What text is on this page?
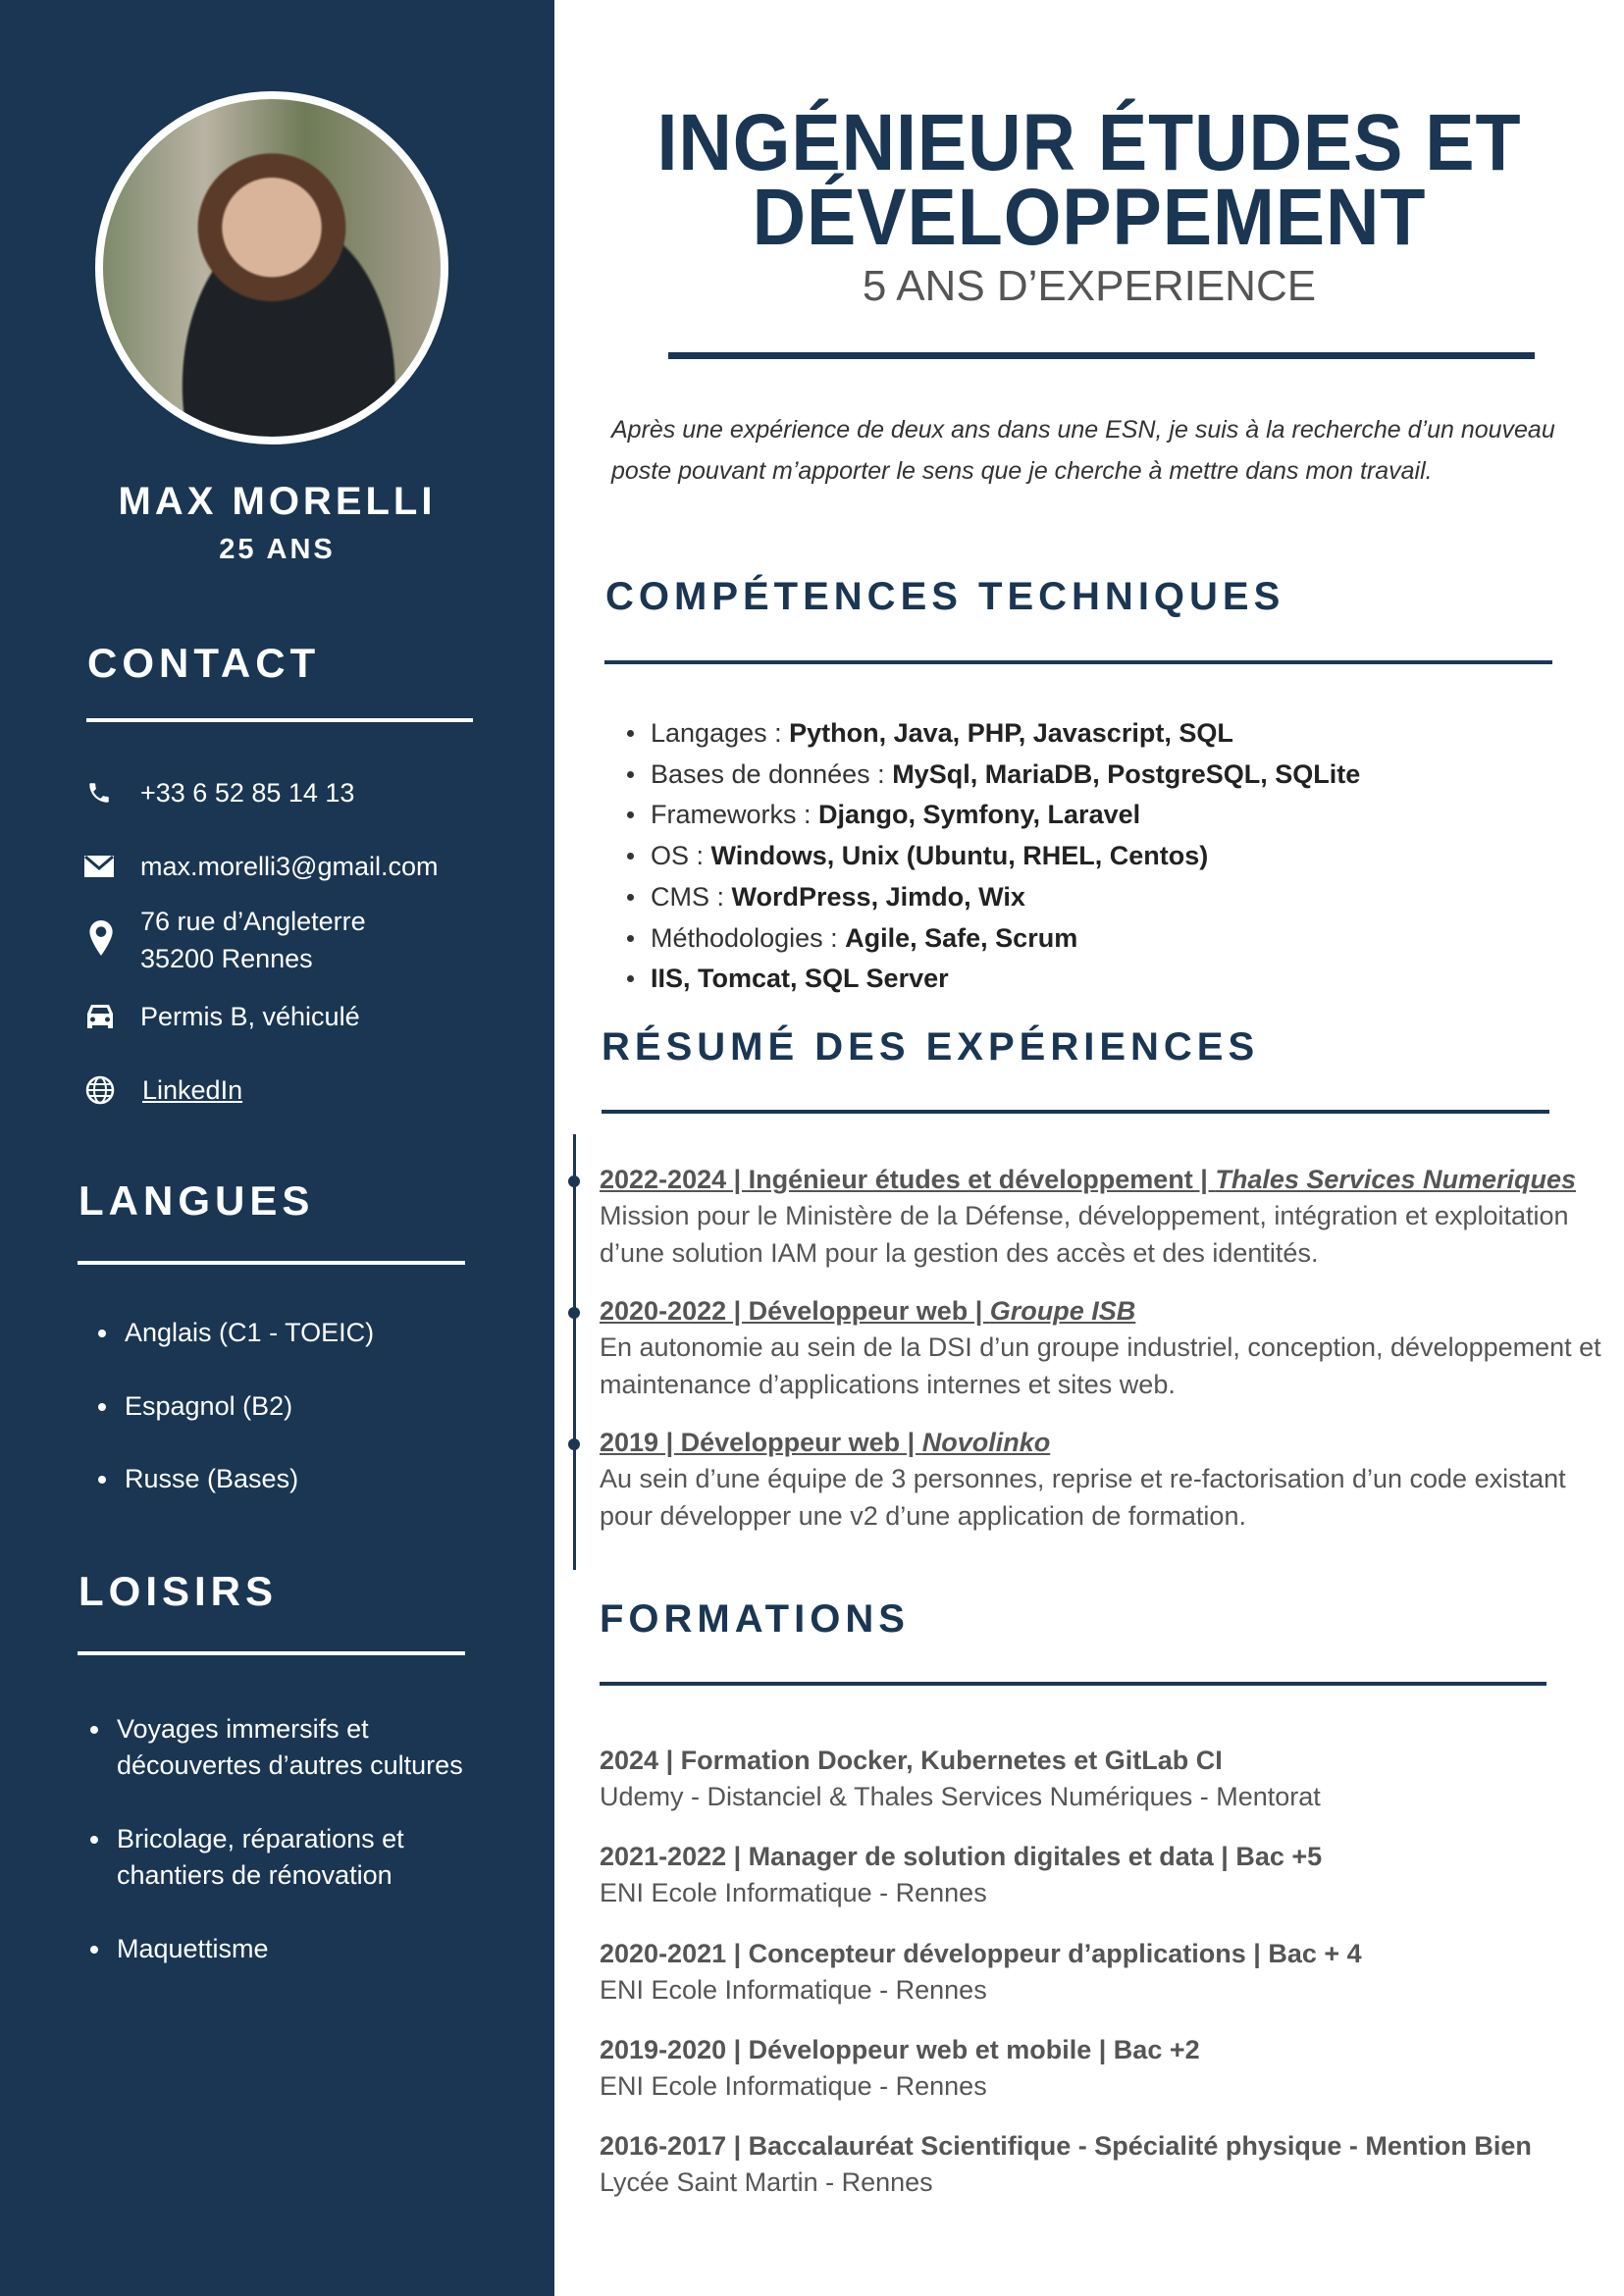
MAX MORELLI
25 ANS
CONTACT
+33 6 52 85 14 13
max.morelli3@gmail.com
76 rue d’Angleterre
35200 Rennes
Permis B, véhiculé
LinkedIn
LANGUES
Anglais (C1 - TOEIC)
Espagnol (B2)
Russe (Bases)
LOISIRS
Voyages immersifs et
découvertes d’autres cultures
Bricolage, réparations et
chantiers de rénovation
Maquettisme
INGÉNIEUR ÉTUDES ET
DÉVELOPPEMENT
5 ANS D’EXPERIENCE
Après une expérience de deux ans dans une ESN, je suis à la recherche d’un nouveau
poste pouvant m’apporter le sens que je cherche à mettre dans mon travail.
COMPÉTENCES TECHNIQUES
Langages : Python, Java, PHP, Javascript, SQL
Bases de données : MySql, MariaDB, PostgreSQL, SQLite
Frameworks : Django, Symfony, Laravel
OS : Windows, Unix (Ubuntu, RHEL, Centos)
CMS : WordPress, Jimdo, Wix
Méthodologies : Agile, Safe, Scrum
IIS, Tomcat, SQL Server
RÉSUMÉ DES EXPÉRIENCES
2022-2024 | Ingénieur études et développement | Thales Services Numeriques
Mission pour le Ministère de la Défense, développement, intégration et exploitation
d’une solution IAM pour la gestion des accès et des identités.
2020-2022 | Développeur web | Groupe ISB
En autonomie au sein de la DSI d’un groupe industriel, conception, développement et
maintenance d’applications internes et sites web.
2019 | Développeur web | Novolinko
Au sein d’une équipe de 3 personnes, reprise et re-factorisation d’un code existant
pour développer une v2 d’une application de formation.
FORMATIONS
2024 | Formation Docker, Kubernetes et GitLab CI
Udemy - Distanciel & Thales Services Numériques - Mentorat
2021-2022 | Manager de solution digitales et data | Bac +5
ENI Ecole Informatique - Rennes
2020-2021 | Concepteur développeur d’applications | Bac + 4
ENI Ecole Informatique - Rennes
2019-2020 | Développeur web et mobile | Bac +2
ENI Ecole Informatique - Rennes
2016-2017 | Baccalauréat Scientifique - Spécialité physique - Mention Bien
Lycée Saint Martin - Rennes
